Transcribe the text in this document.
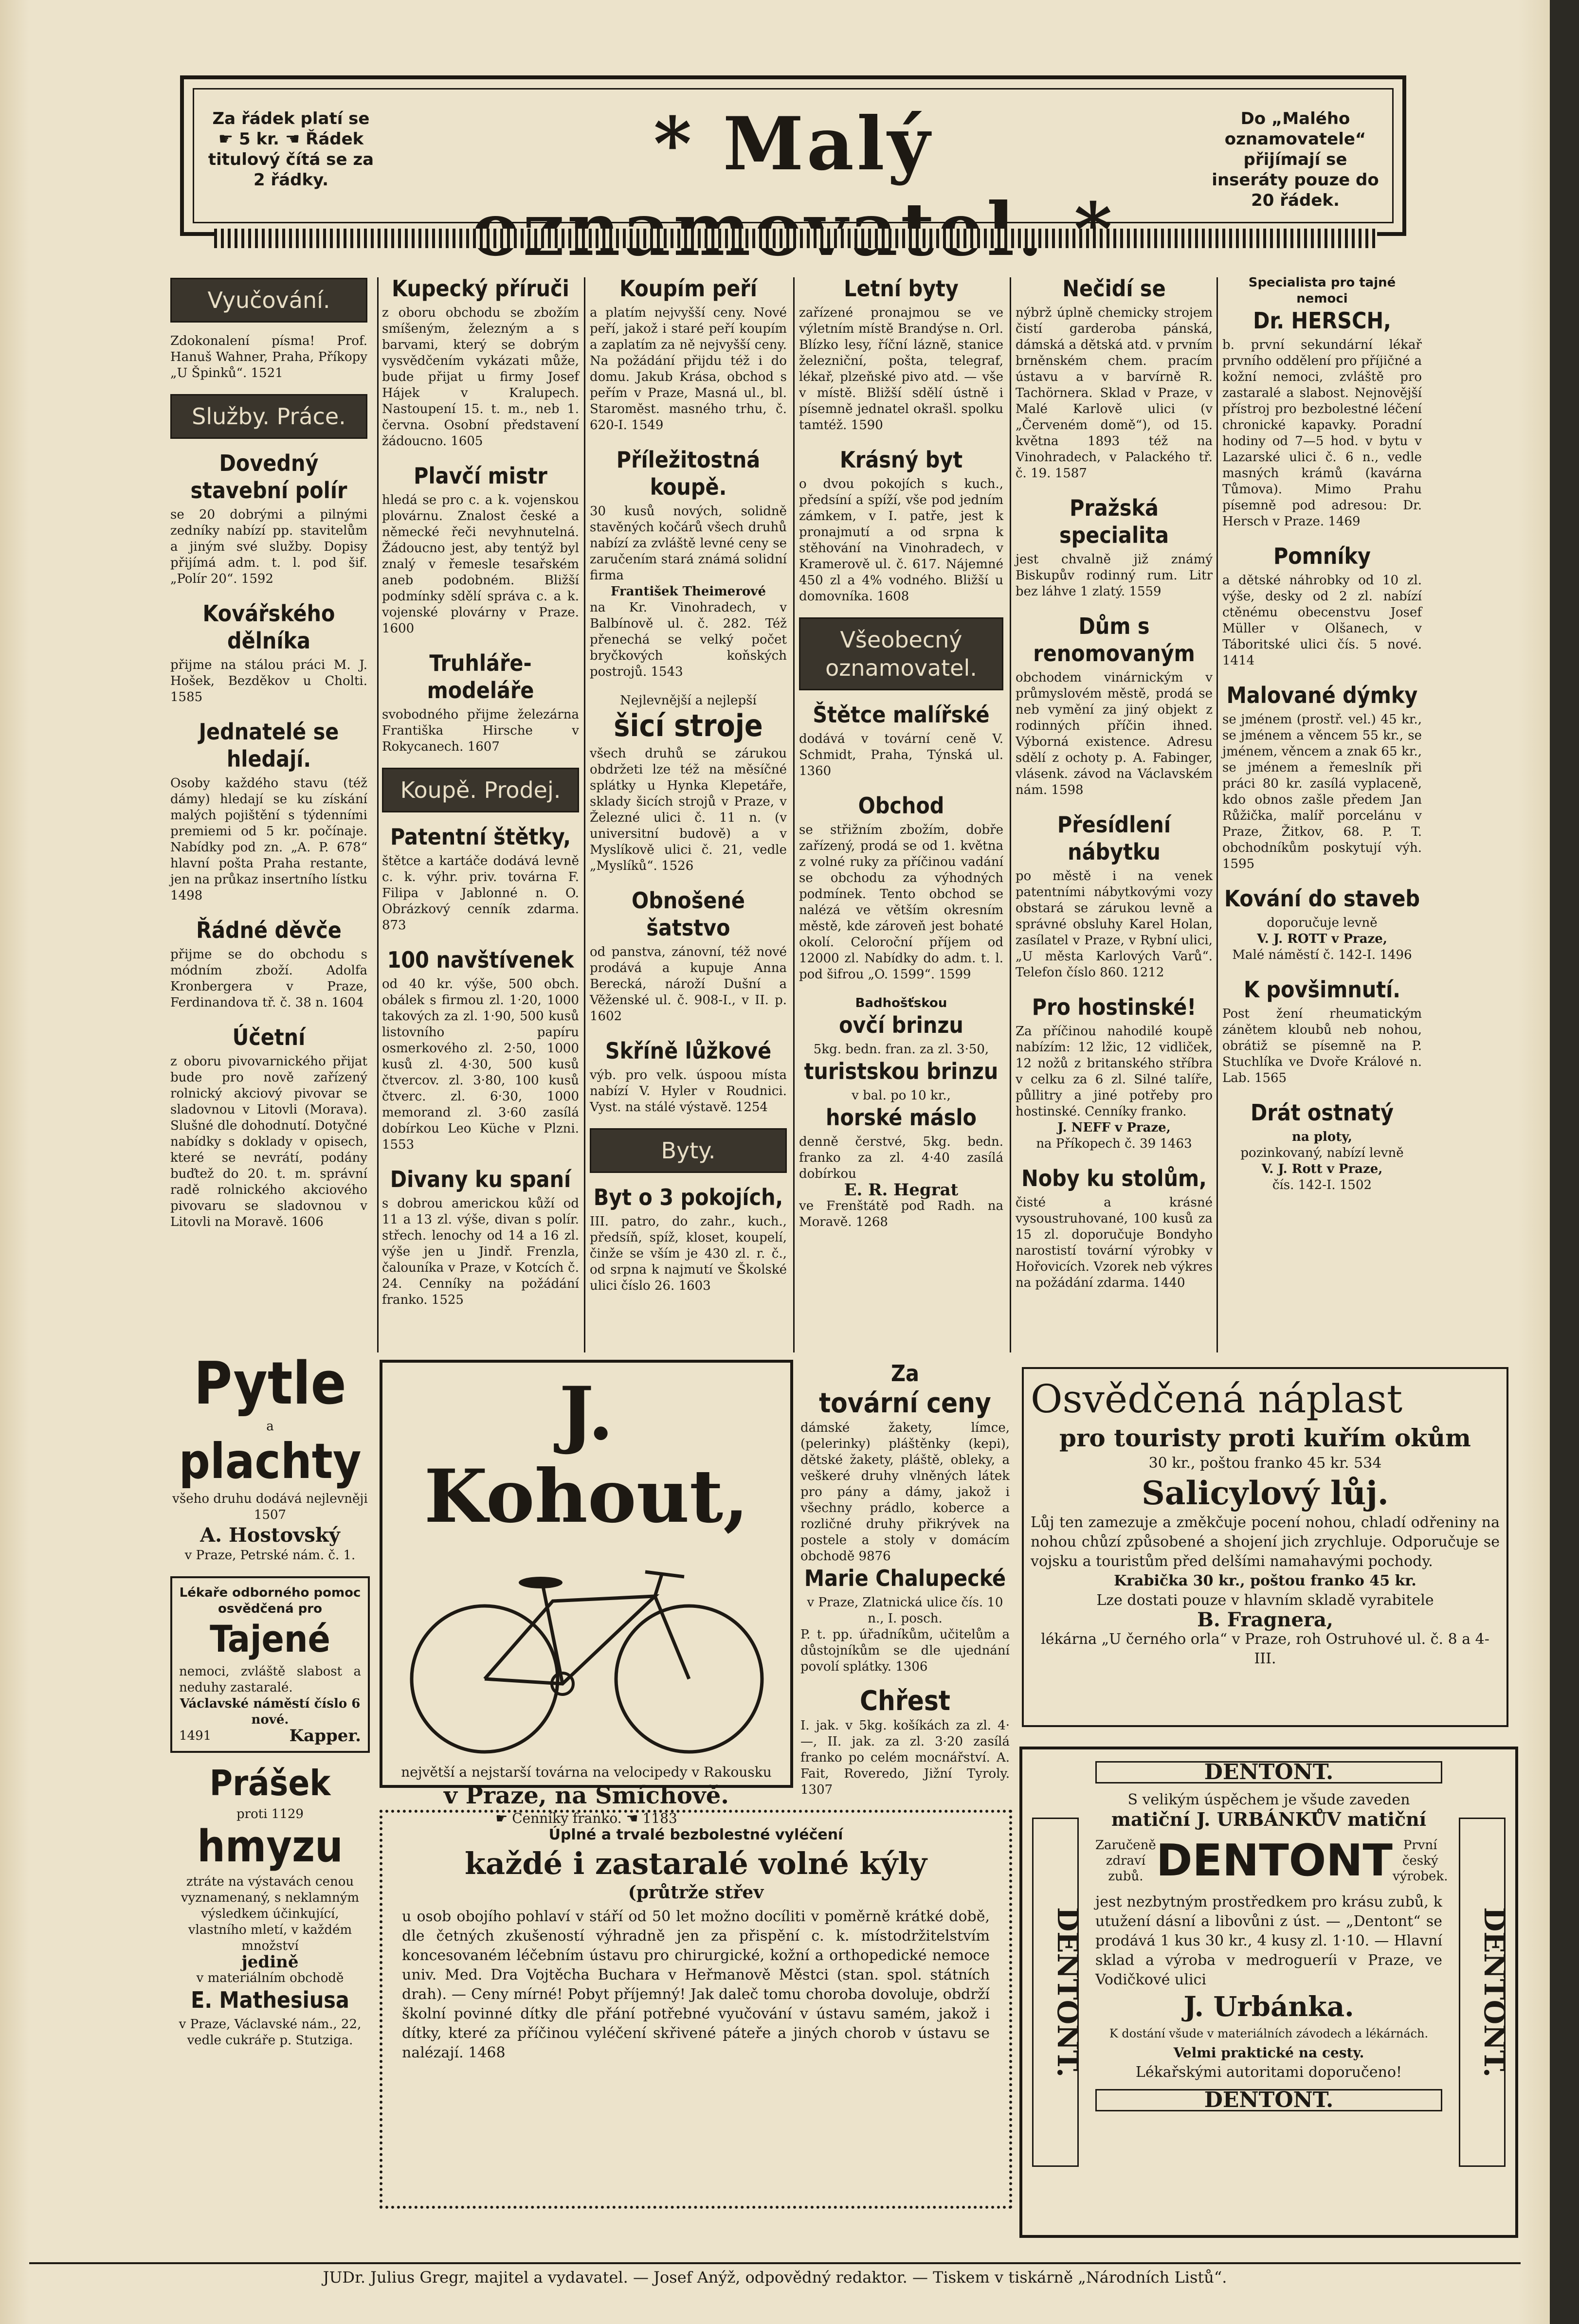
Za řádek platí se ☛ 5 kr. ☚ Řádek titulový čítá se za 2 řádky.	* Malý	Do „Malého oznamovatele“ přijímají se inseráty pouze do 20 řádek.
Vyučování.
Zdokonalení písma! Prof. Hanuš Wahner, Praha, Příkopy „U Špinků“. 1521
Služby. Práce.
Dovedný stavební polír
se 20 dobrými a pilnými zedníky nabízí pp. stavitelům a jiným své služby. Dopisy přijímá adm. t. l. pod šif. „Polír 20“. 1592
Kovářského dělníka
přijme na stálou práci M. J. Hošek, Bezděkov u Cholti. 1585
Jednatelé se hledají.
Osoby každého stavu (též dámy) hledají se ku získání malých pojištění s týdenními premiemi od 5 kr. počínaje. Nabídky pod zn. „A. P. 678“ hlavní pošta Praha restante, jen na průkaz insertního lístku 1498
Řádné děvče
přijme se do obchodu s módním zboží. Adolfa Kronbergera v Praze, Ferdinandova tř. č. 38 n. 1604
Účetní
z oboru pivovarnického přijat bude pro nově zařízený rolnický akciový pivovar se sladovnou v Litovli (Morava). Slušné dle dohodnutí. Dotyčné nabídky s doklady v opisech, které se nevrátí, podány buďtež do 20. t. m. správní radě rolnického akciového pivovaru se sladovnou v Litovli na Moravě. 1606
Kupecký příruči
z oboru obchodu se zbožím smíšeným, železným a s barvami, který se dobrým vysvědčením vykázati může, bude přijat u firmy Josef Hájek v Kralupech. Nastoupení 15. t. m., neb 1. června. Osobní představení žádoucno. 1605
Plavčí mistr
hledá se pro c. a k. vojenskou plovárnu. Znalost české a německé řeči nevyhnutelná. Žádoucno jest, aby tentýž byl znalý v řemesle tesařském aneb podobném. Bližší podmínky sdělí správa c. a k. vojenské plovárny v Praze. 1600
Truhláře-modeláře
svobodného přijme železárna Františka Hirsche v Rokycanech. 1607
Koupě. Prodej.
Patentní štětky,
štětce a kartáče dodává levně c. k. výhr. priv. továrna F. Filipa v Jablonné n. O. Obrázkový cenník zdarma. 873
100 navštívenek
od 40 kr. výše, 500 obch. obálek s firmou zl. 1·20, 1000 takových za zl. 1·90, 500 kusů listovního papíru osmerkového zl. 2·50, 1000 kusů zl. 4·30, 500 kusů čtvercov. zl. 3·80, 100 kusů čtverc. zl. 6·30, 1000 memorand zl. 3·60 zasílá dobírkou Leo Küche v Plzni. 1553
Divany ku spaní
s dobrou americkou kůží od 11 a 13 zl. výše, divan s polír. střech. lenochy od 14 a 16 zl. výše jen u Jindř. Frenzla, čalouníka v Praze, v Kotcích č. 24. Cenníky na požádání franko. 1525
Koupím peří
a platím nejvyšší ceny. Nové peří, jakož i staré peří koupím a zaplatím za ně nejvyšší ceny. Na požádání přijdu též i do domu. Jakub Krása, obchod s peřím v Praze, Masná ul., bl. Staroměst. masného trhu, č. 620-I. 1549
Příležitostná koupě.
30 kusů nových, solidně stavěných kočárů všech druhů nabízí za zvláště levné ceny se zaručením stará známá solidní firma
František Theimerové
na Kr. Vinohradech, v Balbínově ul. č. 282. Též přenechá se velký počet bryčkových koňských postrojů. 1543
Nejlevnější a nejlepší
šicí stroje
všech druhů se zárukou obdržeti lze též na měsíčné splátky u Hynka Klepetáře, sklady šicích strojů v Praze, v Železné ulici č. 11 n. (v universitní budově) a v Myslíkově ulici č. 21, vedle „Myslíků“. 1526
Obnošené šatstvo
od panstva, zánovní, též nové prodává a kupuje Anna Berecká, nároží Dušní a Věženské ul. č. 908-I., v II. p. 1602
Skříně lůžkové
výb. pro velk. úspoou místa nabízí V. Hyler v Roudnici. Vyst. na stálé výstavě. 1254
Byty.
Byt o 3 pokojích,
III. patro, do zahr., kuch., předsíň, spíž, kloset, koupelí, činže se vším je 430 zl. r. č., od srpna k najmutí ve Školské ulici číslo 26. 1603
Letní byty
zařízené pronajmou se ve výletním místě Brandýse n. Orl. Blízko lesy, říční lázně, stanice železniční, pošta, telegraf, lékař, plzeňské pivo atd. — vše v místě. Bližší sdělí ústně i písemně jednatel okrašl. spolku tamtéž. 1590
Krásný byt
o dvou pokojích s kuch., předsíní a spíží, vše pod jedním zámkem, v I. patře, jest k pronajmutí a od srpna k stěhování na Vinohradech, v Kramerově ul. č. 617. Nájemné 450 zl a 4% vodného. Bližší u domovníka. 1608
Všeobecný oznamovatel.
Štětce malířské
dodává v tovární ceně V. Schmidt, Praha, Týnská ul. 1360
Obchod
se střižním zbožím, dobře zařízený, prodá se od 1. května z volné ruky za příčinou vadání se obchodu za výhodných podmínek. Tento obchod se nalézá ve větším okresním městě, kde zároveň jest bohaté okolí. Celoroční příjem od 12000 zl. Nabídky do adm. t. l. pod šifrou „O. 1599“. 1599
Badhošťskou
ovčí brinzu
5kg. bedn. fran. za zl. 3·50,
turistskou brinzu
v bal. po 10 kr.,
horské máslo
denně čerstvé, 5kg. bedn. franko za zl. 4·40 zasílá dobírkou
E. R. Hegrat
ve Frenštátě pod Radh. na Moravě. 1268
Nečidí se
nýbrž úplně chemicky strojem čistí garderoba pánská, dámská a dětská atd. v prvním brněnském chem. pracím ústavu a v barvírně R. Tachörnera. Sklad v Praze, v Malé Karlově ulici (v „Červeném domě“), od 15. května 1893 též na Vinohradech, v Palackého tř. č. 19. 1587
Pražská specialita
jest chvalně již známý Biskupův rodinný rum. Litr bez láhve 1 zlatý. 1559
Dům s renomovaným
obchodem vinárnickým v průmyslovém městě, prodá se neb vymění za jiný objekt z rodinných příčin ihned. Výborná existence. Adresu sdělí z ochoty p. A. Fabinger, vlásenk. závod na Václavském nám. 1598
Přesídlení nábytku
po městě i na venek patentními nábytkovými vozy obstará se zárukou levně a správné obsluhy Karel Holan, zasílatel v Praze, v Rybní ulici, „U města Karlových Varů“. Telefon číslo 860. 1212
Pro hostinské!
Za příčinou nahodilé koupě nabízím: 12 lžic, 12 vidliček, 12 nožů z britanského stříbra v celku za 6 zl. Silné talíře, půllitry a jiné potřeby pro hostinské. Cenníky franko.
J. NEFF v Praze,
na Příkopech č. 39 1463
Noby ku stolům,
čisté a krásné vysoustruhované, 100 kusů za 15 zl. doporučuje Bondyho narostistí tovární výrobky v Hořovicích. Vzorek neb výkres na požádání zdarma. 1440
Specialista pro tajné nemoci
Dr. HERSCH,
b. první sekundární lékař prvního oddělení pro příjičné a kožní nemoci, zvláště pro zastaralé a slabost. Nejnovější přístroj pro bezbolestné léčení chronické kapavky. Poradní hodiny od 7—5 hod. v bytu v Lazarské ulici č. 6 n., vedle masných krámů (kavárna Tůmova). Mimo Prahu písemně pod adresou: Dr. Hersch v Praze. 1469
Pomníky
a dětské náhrobky od 10 zl. výše, desky od 2 zl. nabízí ctěnému obecenstvu Josef Müller v Olšanech, v Táboritské ulici čís. 5 nové. 1414
Malované dýmky
se jménem (prostř. vel.) 45 kr., se jménem a věncem 55 kr., se jménem, věncem a znak 65 kr., se jménem a řemeslník při práci 80 kr. zasílá vyplaceně, kdo obnos zašle předem Jan Růžička, malíř porcelánu v Praze, Žitkov, 68. P. T. obchodníkům poskytují výh. 1595
Kování do staveb
doporučuje levně
V. J. ROTT v Praze,
Malé náměstí č. 142-I. 1496
K povšimnutí.
Post žení rheumatickým zánětem kloubů neb nohou, obrátiž se písemně na P. Stuchlíka ve Dvoře Králové n. Lab. 1565
Drát ostnatý
na ploty,
pozinkovaný, nabízí levně
V. J. Rott v Praze,
čís. 142-I. 1502
Pytle
a
plachty
všeho druhu dodává nejlevněji 1507
A. Hostovský
v Praze, Petrské nám. č. 1.
Lékaře odborného pomoc osvědčená pro
Tajené
nemoci, zvláště slabost a neduhy zastaralé.
Václavské náměstí číslo 6 nové.
1491	Kapper.
Prášek
proti 1129
hmyzu
ztráte na výstavách cenou vyznamenaný, s neklamným výsledkem účinkující, vlastního mletí, v každém množství
jedině
v materiálním obchodě
E. Mathesiusa
v Praze, Václavské nám., 22, vedle cukráře p. Stutziga.
J. Kohout,
největší a nejstarší továrna na velocipedy v Rakousku
v Praze, na Smíchově.
☛ Cenníky franko. ☚ 1183
Za
tovární ceny
dámské žakety, límce, (pelerinky) pláštěnky (kepi), dětské žakety, pláště, obleky, a veškeré druhy vlněných látek pro pány a dámy, jakož i všechny prádlo, koberce a rozličné druhy přikrývek na postele a stoly v domácím obchodě 9876
Marie Chalupecké
v Praze, Zlatnická ulice čís. 10 n., I. posch.
P. t. pp. úřadníkům, učitelům a důstojníkům se dle ujednání povolí splátky. 1306
Chřest
I. jak. v 5kg. košíkách za zl. 4·—, II. jak. za zl. 3·20 zasílá franko po celém mocnářství. A. Fait, Roveredo, Jižní Tyroly. 1307
Osvědčená náplast
pro touristy proti kuřím okům
30 kr., poštou franko 45 kr. 534
Salicylový lůj.
Lůj ten zamezuje a změkčuje pocení nohou, chladí odřeniny na nohou chůzí způsobené a shojení jich zrychluje. Odporučuje se vojsku a touristům před delšími namahavými pochody.
Krabička 30 kr., poštou franko 45 kr.
Lze dostati pouze v hlavním skladě vyrabitele
B. Fragnera,
lékárna „U černého orla“ v Praze, roh Ostruhové ul. č. 8 a 4-III.
Úplné a trvalé bezbolestné vyléčení
každé i zastaralé volné kýly
(průtrže střev
u osob obojího pohlaví v stáří od 50 let možno docíliti v poměrně krátké době, dle četných zkušeností výhradně jen za přispění c. k. místodržitelstvím koncesovaném léčebním ústavu pro chirurgické, kožní a orthopedické nemoce univ. Med. Dra Vojtěcha Buchara v Heřmanově Městci (stan. spol. státních drah). — Ceny mírné! Pobyt příjemný! Jak daleč tomu choroba dovoluje, obdrží školní povinné dítky dle přání potřebné vyučování v ústavu samém, jakož i dítky, které za příčinou vyléčení skřivené páteře a jiných chorob v ústavu se nalézají. 1468	DENTONT.	DENTONT.
DENTONT.
S velikým úspěchem je všude zaveden
matiční J. URBÁNKŮV matiční
Zaručeně zdraví zubů. DENTONT První český výrobek.
jest nezbytným prostředkem pro krásu zubů, k utužení dásní a libovůni z úst. — „Dentont“ se prodává 1 kus 30 kr., 4 kusy zl. 1·10. — Hlavní sklad a výroba v medrogueríi v Praze, ve Vodičkové ulici
J. Urbánka.
K dostání všude v materiálních závodech a lékárnách.
Velmi praktické na cesty.
Lékařskými autoritami doporučeno!
DENTONT.
JUDr. Julius Gregr, majitel a vydavatel. — Josef Anýž, odpovědný redaktor. — Tiskem v tiskárně „Národních Listů“.
